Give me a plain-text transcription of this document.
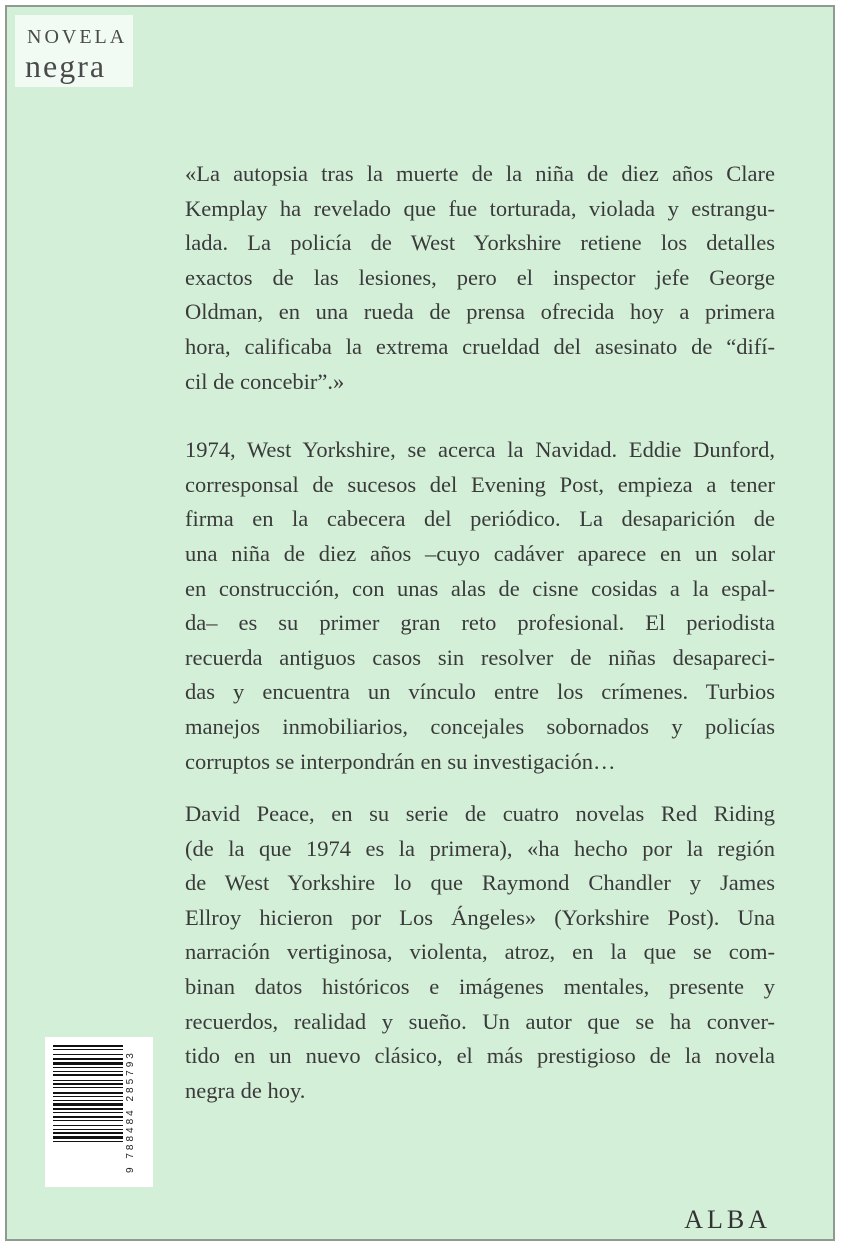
NOVELA
negra

«La autopsia tras la muerte de la niña de diez años Clare
Kemplay ha revelado que fue torturada, violada y estrangu-
lada. La policía de West Yorkshire retiene los detalles
exactos de las lesiones, pero el inspector jefe George
Oldman, en una rueda de prensa ofrecida hoy a primera
hora, calificaba la extrema crueldad del asesinato de “difí-
cil de concebir”.»

1974, West Yorkshire, se acerca la Navidad. Eddie Dunford,
corresponsal de sucesos del Evening Post, empieza a tener
firma en la cabecera del periódico. La desaparición de
una niña de diez años –cuyo cadáver aparece en un solar
en construcción, con unas alas de cisne cosidas a la espal-
da– es su primer gran reto profesional. El periodista
recuerda antiguos casos sin resolver de niñas desapareci-
das y encuentra un vínculo entre los crímenes. Turbios
manejos inmobiliarios, concejales sobornados y policías
corruptos se interpondrán en su investigación…

David Peace, en su serie de cuatro novelas Red Riding
(de la que 1974 es la primera), «ha hecho por la región
de West Yorkshire lo que Raymond Chandler y James
Ellroy hicieron por Los Ángeles» (Yorkshire Post). Una
narración vertiginosa, violenta, atroz, en la que se com-
binan datos históricos e imágenes mentales, presente y
recuerdos, realidad y sueño. Un autor que se ha conver-
tido en un nuevo clásico, el más prestigioso de la novela
negra de hoy.

9 788484 285793
ALBA
